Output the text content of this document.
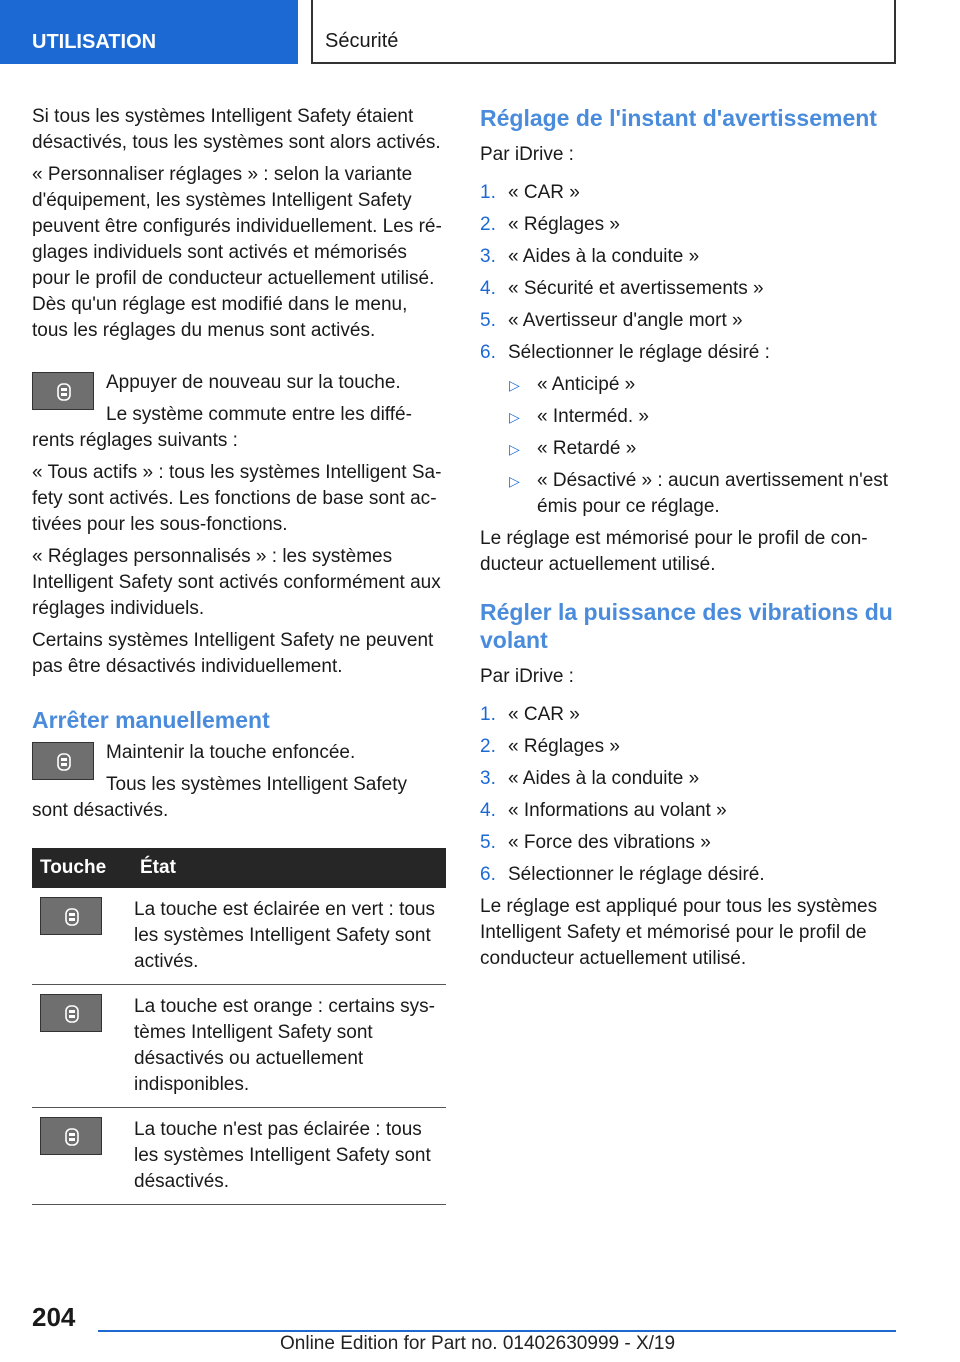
UTILISATION	Sécurité

Si tous les systèmes Intelligent Safety étaient désactivés, tous les systèmes sont alors activés.

« Personnaliser réglages » : selon la variante d'équipement, les systèmes Intelligent Safety peuvent être configurés individuellement. Les réglages individuels sont activés et mémorisés pour le profil de conducteur actuellement utilisé. Dès qu'un réglage est modifié dans le menu, tous les réglages du menus sont activés.

Appuyer de nouveau sur la touche.

Le système commute entre les différents réglages suivants :

« Tous actifs » : tous les systèmes Intelligent Safety sont activés. Les fonctions de base sont activées pour les sous-fonctions.

« Réglages personnalisés » : les systèmes Intelligent Safety sont activés conformément aux réglages individuels.

Certains systèmes Intelligent Safety ne peuvent pas être désactivés individuellement.

Arrêter manuellement

Maintenir la touche enfoncée.

Tous les systèmes Intelligent Safety sont désactivés.

Touche	État

	La touche est éclairée en vert : tous les systèmes Intelligent Safety sont activés.

	La touche est orange : certains systèmes Intelligent Safety sont désactivés ou actuellement indisponibles.

	La touche n'est pas éclairée : tous les systèmes Intelligent Safety sont désactivés.
Réglage de l'instant d'avertissement

Par iDrive :

1. « CAR »
2. « Réglages »
3. « Aides à la conduite »
4. « Sécurité et avertissements »
5. « Avertisseur d'angle mort »
6. Sélectionner le réglage désiré :
▷ « Anticipé »
▷ « Interméd. »
▷ « Retardé »
▷ « Désactivé » : aucun avertissement n'est émis pour ce réglage.

Le réglage est mémorisé pour le profil de conducteur actuellement utilisé.

Régler la puissance des vibrations du volant

Par iDrive :

1. « CAR »
2. « Réglages »
3. « Aides à la conduite »
4. « Informations au volant »
5. « Force des vibrations »
6. Sélectionner le réglage désiré.

Le réglage est appliqué pour tous les systèmes Intelligent Safety et mémorisé pour le profil de conducteur actuellement utilisé.

204
Online Edition for Part no. 01402630999 - X/19
